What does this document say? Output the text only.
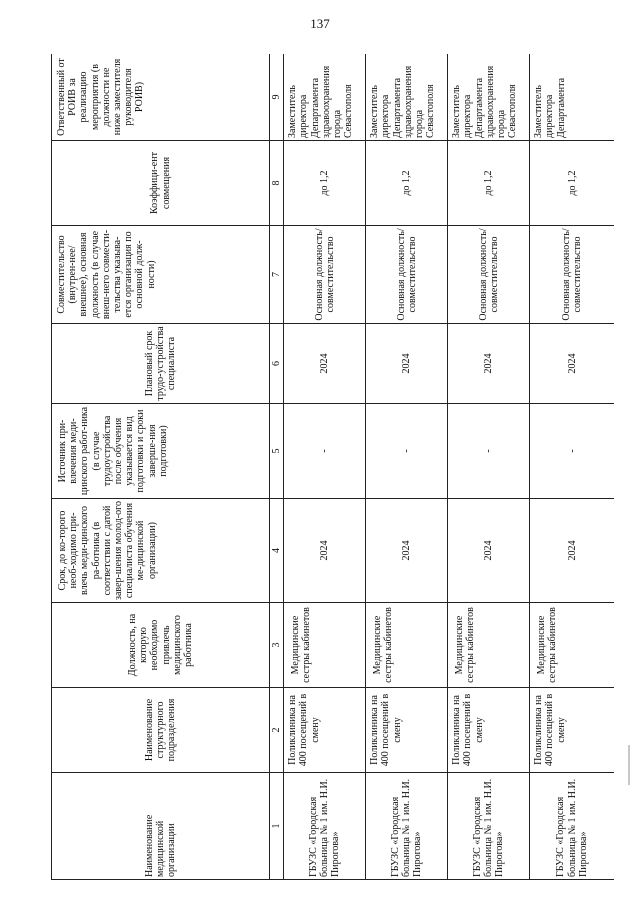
137
Наименование медицинской организации	Наименование структурного подразделения	Должность, на которую необходимо привлечь медицинского работника	Срок, до ко-торого необ-ходимо при-влечь меди-цинского ра-ботника (в соответствии с датой завер-шения молод-ого специалиста обучения ме-дицинской организации)	Источник при-влечения меди-цинского работ-ника (в случае трудоустройства после обучения указывается вид подготовки и сроки заверше-ния подготовки)	Плановый срок трудо-устройства специалиста	Совместительство (внутрен-нее/внешнее), основная должность (в случае внеш-него совмести-тельства указыва-ется организация по основной долж-ности)	Коэффици-ент совмещения	Ответственный от РОИВ за реализацию мероприятия (в должности не ниже заместителя руководителя РОИВ)
1	2	3	4	5	6	7	8	9
ГБУЗС «Городская больница № 1 им. Н.И. Пирогова»	Поликлиника на 400 посещений в смену	Медицинские сестры кабинетов	2024	-	2024	Основная должность/ совместительство	до 1,2	Заместитель директора Департамента здравоохранения города Севастополя
ГБУЗС «Городская больница № 1 им. Н.И. Пирогова»	Поликлиника на 400 посещений в смену	Медицинские сестры кабинетов	2024	-	2024	Основная должность/ совместительство	до 1,2	Заместитель директора Департамента здравоохранения города Севастополя
ГБУЗС «Городская больница № 1 им. Н.И. Пирогова»	Поликлиника на 400 посещений в смену	Медицинские сестры кабинетов	2024	-	2024	Основная должность/ совместительство	до 1,2	Заместитель директора Департамента здравоохранения города Севастополя
ГБУЗС «Городская больница № 1 им. Н.И. Пирогова»	Поликлиника на 400 посещений в смену	Медицинские сестры кабинетов	2024	-	2024	Основная должность/ совместительство	до 1,2	Заместитель директора Департамента
